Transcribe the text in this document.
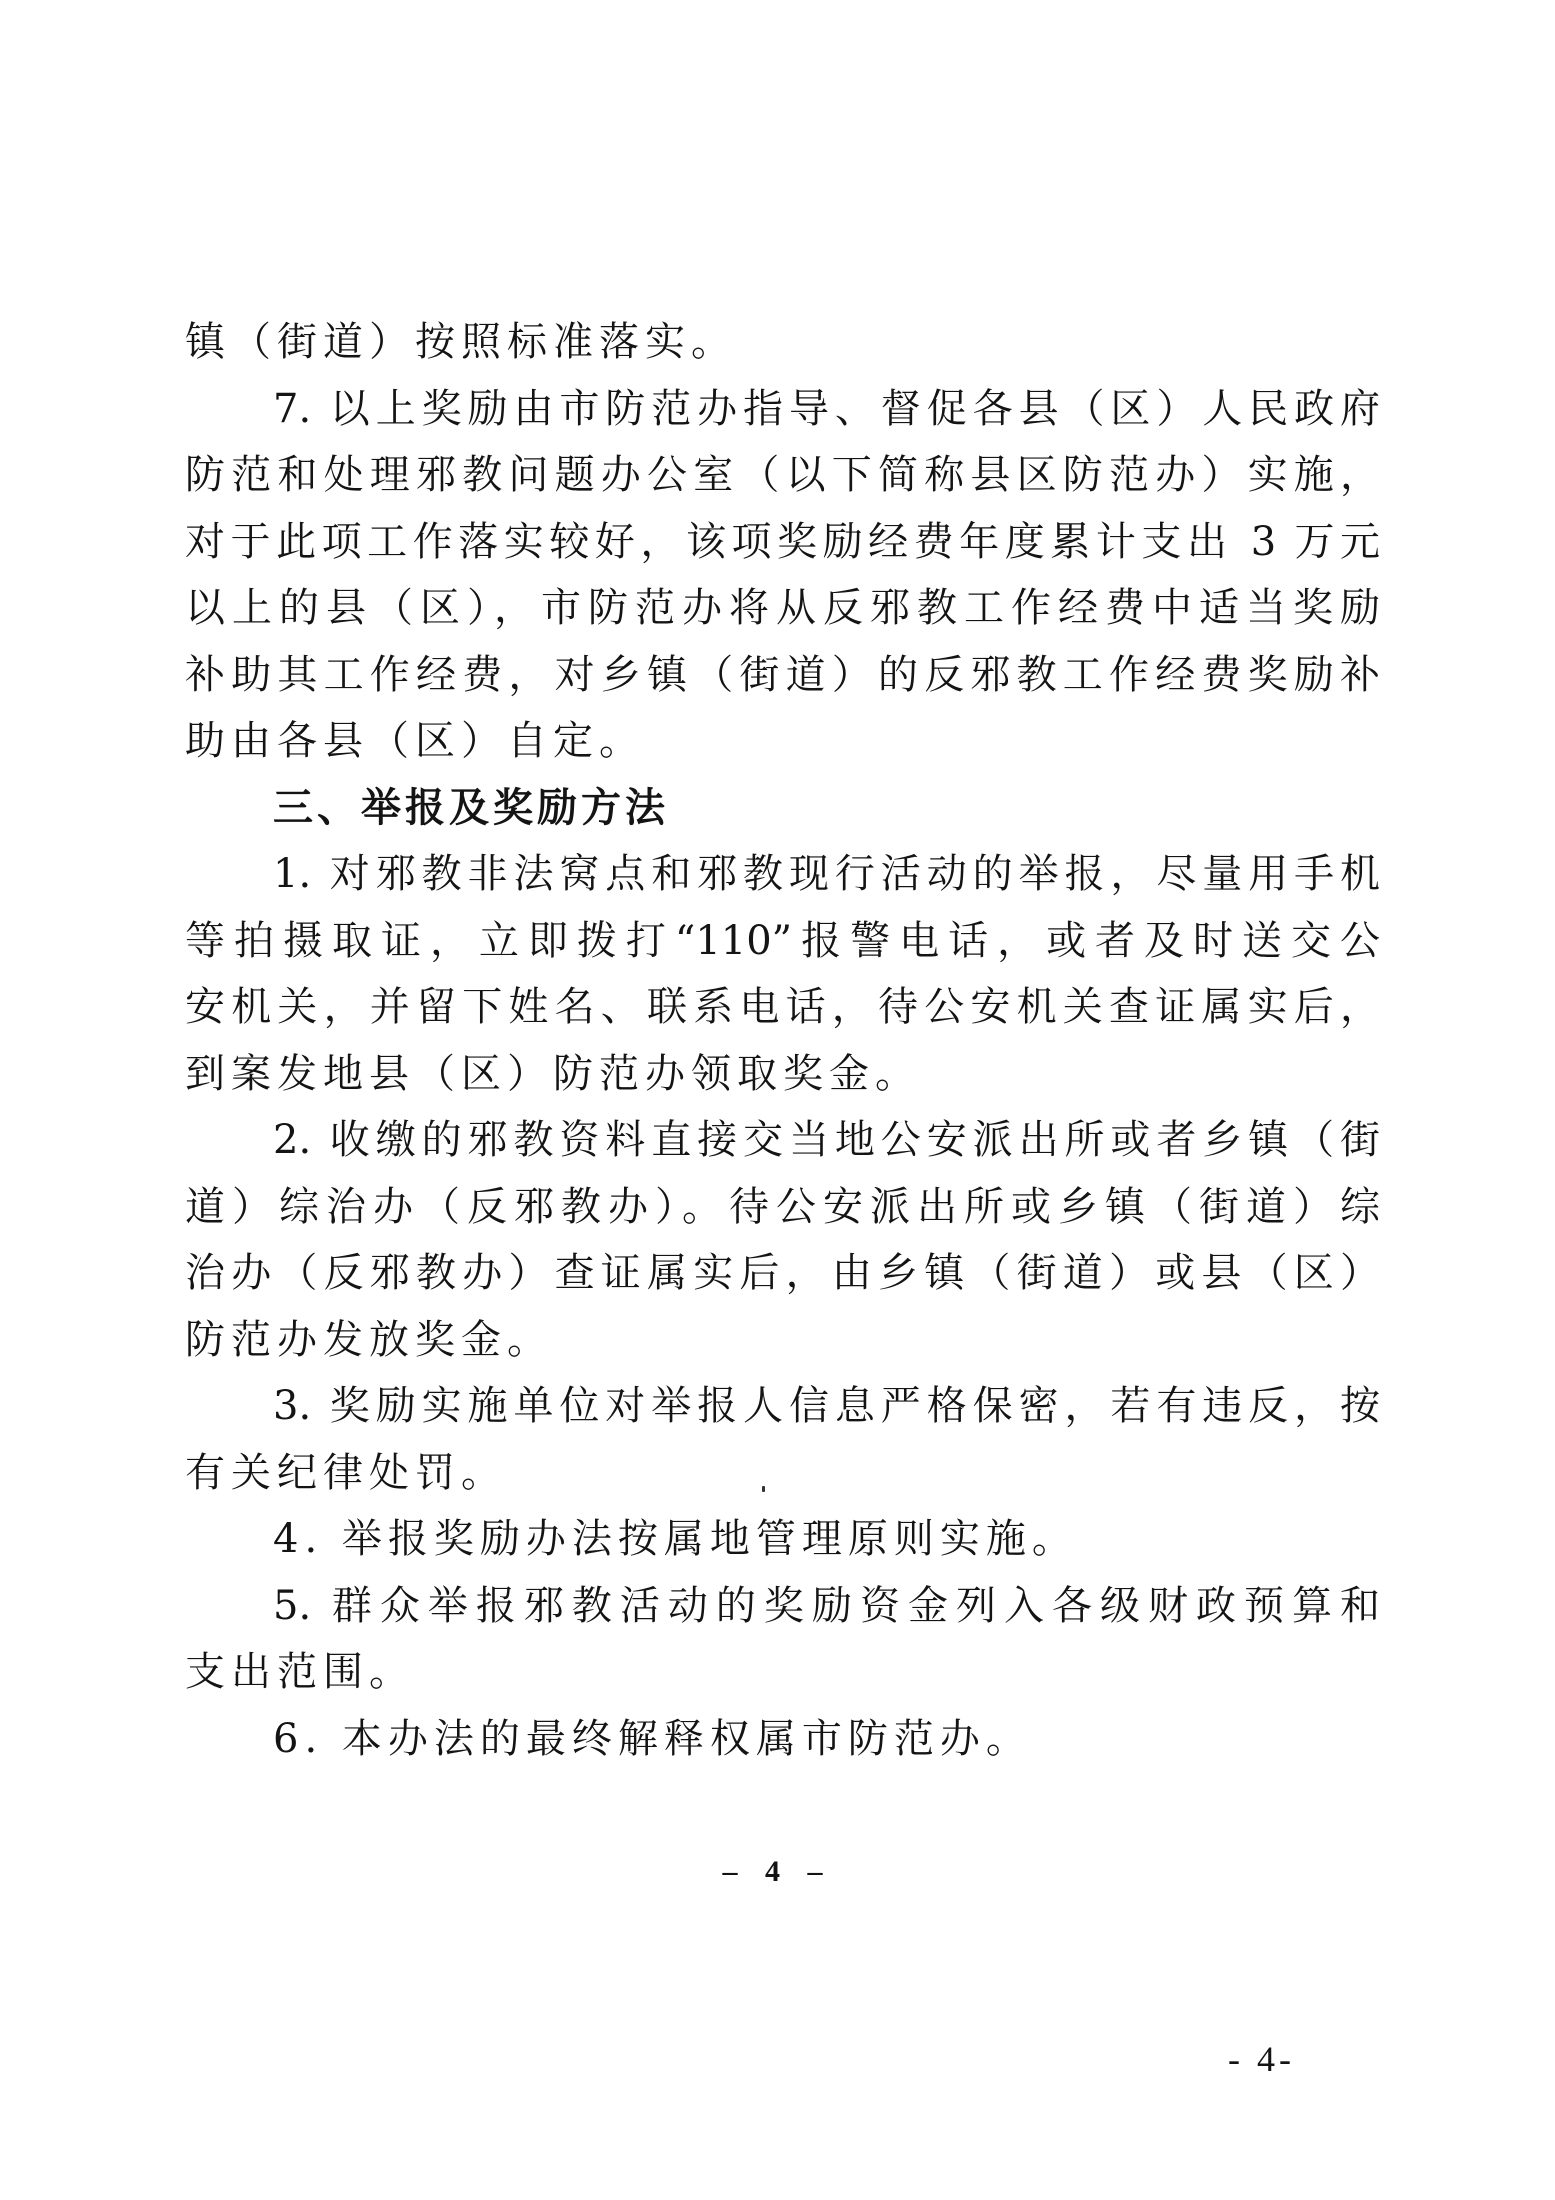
镇（街道）按照标准落实。
7. 以上奖励由市防范办指导、督促各县（区）人民政府
防范和处理邪教问题办公室（以下简称县区防范办）实施，
对于此项工作落实较好，该项奖励经费年度累计支出 3 万元
以上的县（区），市防范办将从反邪教工作经费中适当奖励
补助其工作经费，对乡镇（街道）的反邪教工作经费奖励补
助由各县（区）自定。
三、举报及奖励方法
1. 对邪教非法窝点和邪教现行活动的举报，尽量用手机
等拍摄取证，立即拨打“110”报警电话，或者及时送交公
安机关，并留下姓名、联系电话，待公安机关查证属实后，
到案发地县（区）防范办领取奖金。
2. 收缴的邪教资料直接交当地公安派出所或者乡镇（街
道）综治办（反邪教办）。待公安派出所或乡镇（街道）综
治办（反邪教办）查证属实后，由乡镇（街道）或县（区）
防范办发放奖金。
3. 奖励实施单位对举报人信息严格保密，若有违反，按
有关纪律处罚。
4. 举报奖励办法按属地管理原则实施。
5. 群众举报邪教活动的奖励资金列入各级财政预算和
支出范围。
6. 本办法的最终解释权属市防范办。
– 4 –
- 4-
